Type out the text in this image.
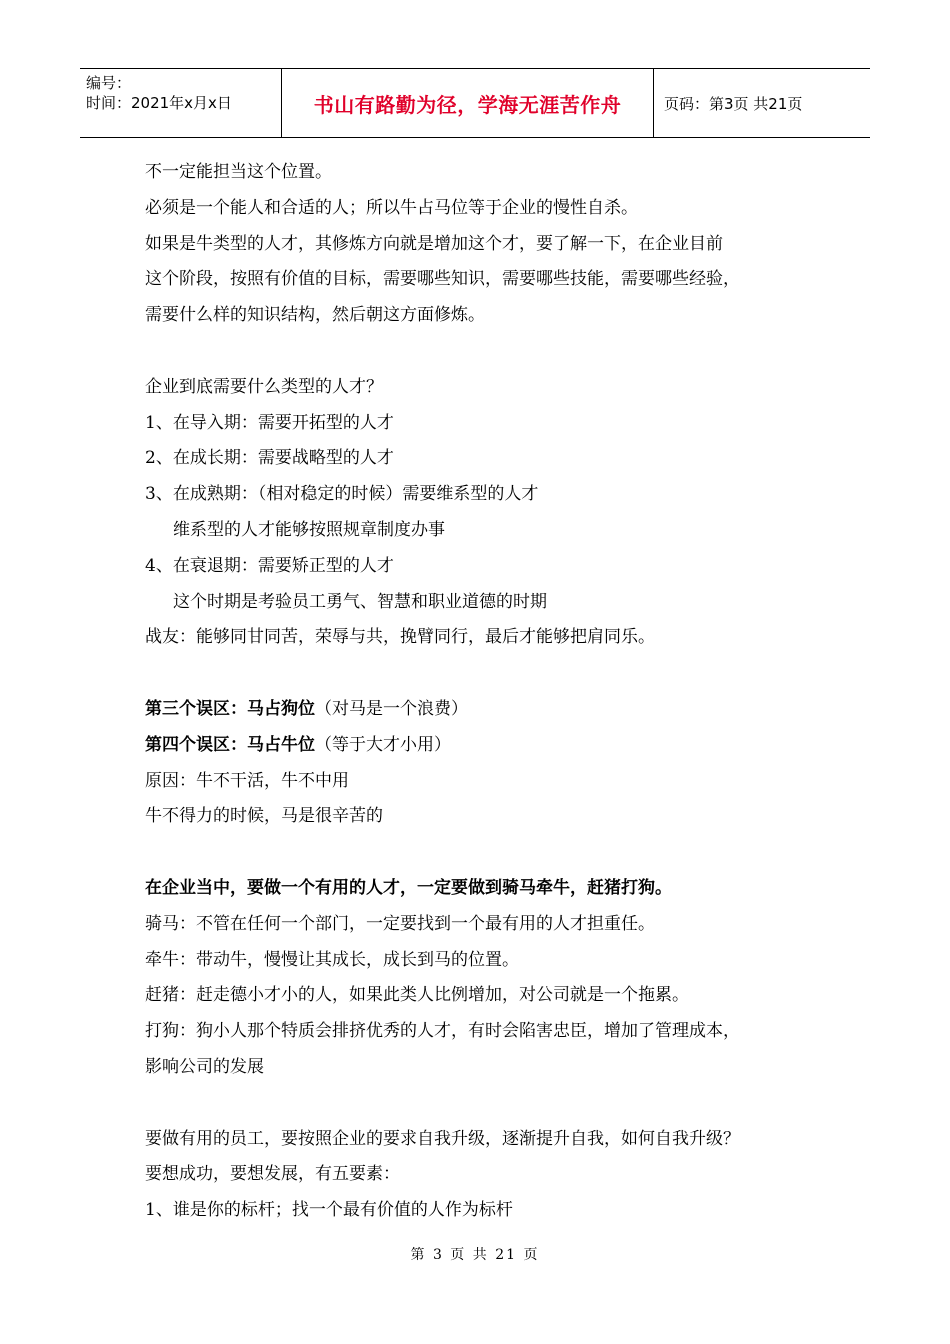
编号：
时间：2021年x月x日	书山有路勤为径，学海无涯苦作舟	页码：第3页 共21页
不一定能担当这个位置。
必须是一个能人和合适的人；所以牛占马位等于企业的慢性自杀。
如果是牛类型的人才，其修炼方向就是增加这个才，要了解一下，在企业目前
这个阶段，按照有价值的目标，需要哪些知识，需要哪些技能，需要哪些经验，
需要什么样的知识结构，然后朝这方面修炼。
企业到底需要什么类型的人才？
1、在导入期：需要开拓型的人才
2、在成长期：需要战略型的人才
3、在成熟期：（相对稳定的时候）需要维系型的人才
维系型的人才能够按照规章制度办事
4、在衰退期：需要矫正型的人才
这个时期是考验员工勇气、智慧和职业道德的时期
战友：能够同甘同苦，荣辱与共，挽臂同行，最后才能够把肩同乐。
第三个误区：马占狗位（对马是一个浪费）
第四个误区：马占牛位（等于大才小用）
原因：牛不干活，牛不中用
牛不得力的时候，马是很辛苦的
在企业当中，要做一个有用的人才，一定要做到骑马牵牛，赶猪打狗。
骑马：不管在任何一个部门，一定要找到一个最有用的人才担重任。
牵牛：带动牛，慢慢让其成长，成长到马的位置。
赶猪：赶走德小才小的人，如果此类人比例增加，对公司就是一个拖累。
打狗：狗小人那个特质会排挤优秀的人才，有时会陷害忠臣，增加了管理成本，
影响公司的发展
要做有用的员工，要按照企业的要求自我升级，逐渐提升自我，如何自我升级？
要想成功，要想发展，有五要素：
1、谁是你的标杆；找一个最有价值的人作为标杆
第 3 页 共 21 页
